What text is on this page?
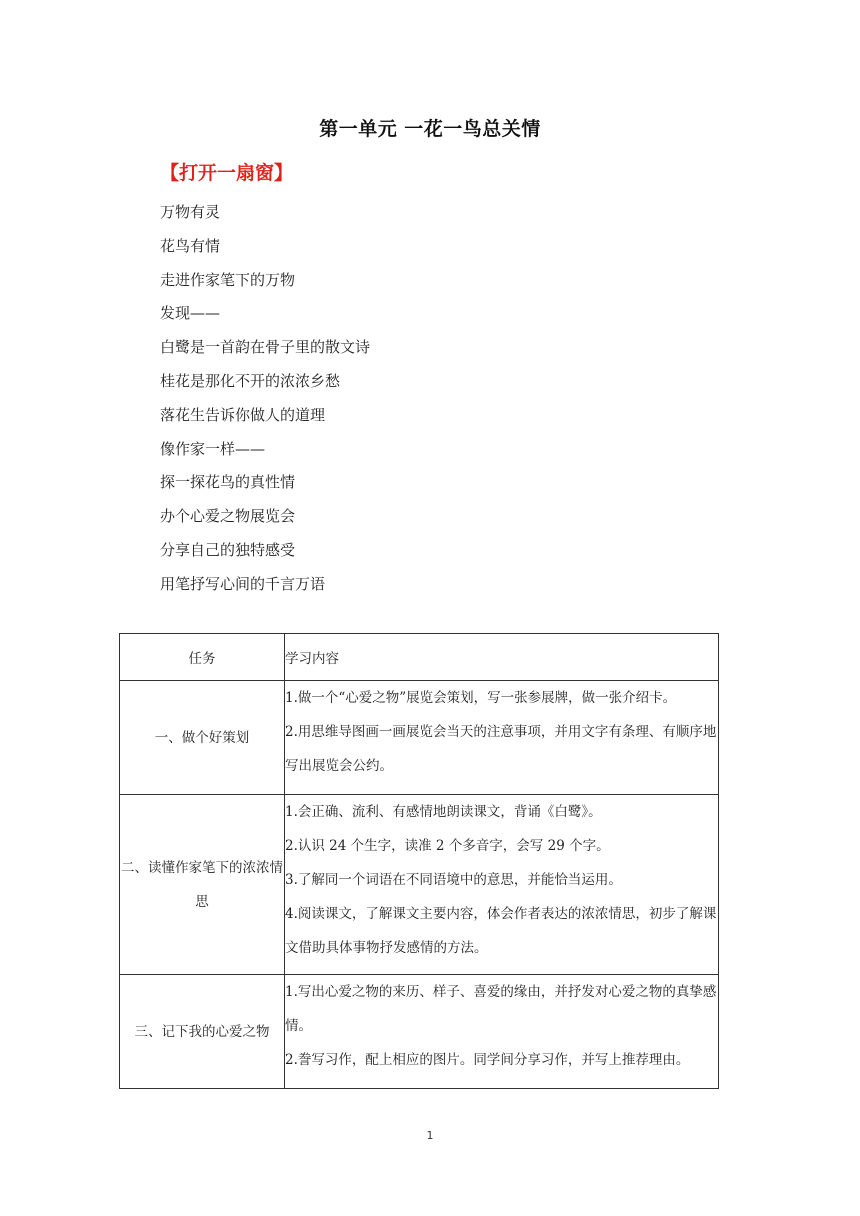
第一单元 一花一鸟总关情
【打开一扇窗】
万物有灵
花鸟有情
走进作家笔下的万物
发现——
白鹭是一首韵在骨子里的散文诗
桂花是那化不开的浓浓乡愁
落花生告诉你做人的道理
像作家一样——
探一探花鸟的真性情
办个心爱之物展览会
分享自己的独特感受
用笔抒写心间的千言万语
任务	学习内容
一、做个好策划	1.做一个“心爱之物”展览会策划，写一张参展牌，做一张介绍卡。

2.用思维导图画一画展览会当天的注意事项，并用文字有条理、有顺序地写出展览会公约。

二、读懂作家笔下的浓浓情思	1.会正确、流利、有感情地朗读课文，背诵《白鹭》。

2.认识 24 个生字，读准 2 个多音字，会写 29 个字。

3.了解同一个词语在不同语境中的意思，并能恰当运用。

4.阅读课文，了解课文主要内容，体会作者表达的浓浓情思，初步了解课文借助具体事物抒发感情的方法。

三、记下我的心爱之物	1.写出心爱之物的来历、样子、喜爱的缘由，并抒发对心爱之物的真挚感情。

2.誊写习作，配上相应的图片。同学间分享习作，并写上推荐理由。

1
